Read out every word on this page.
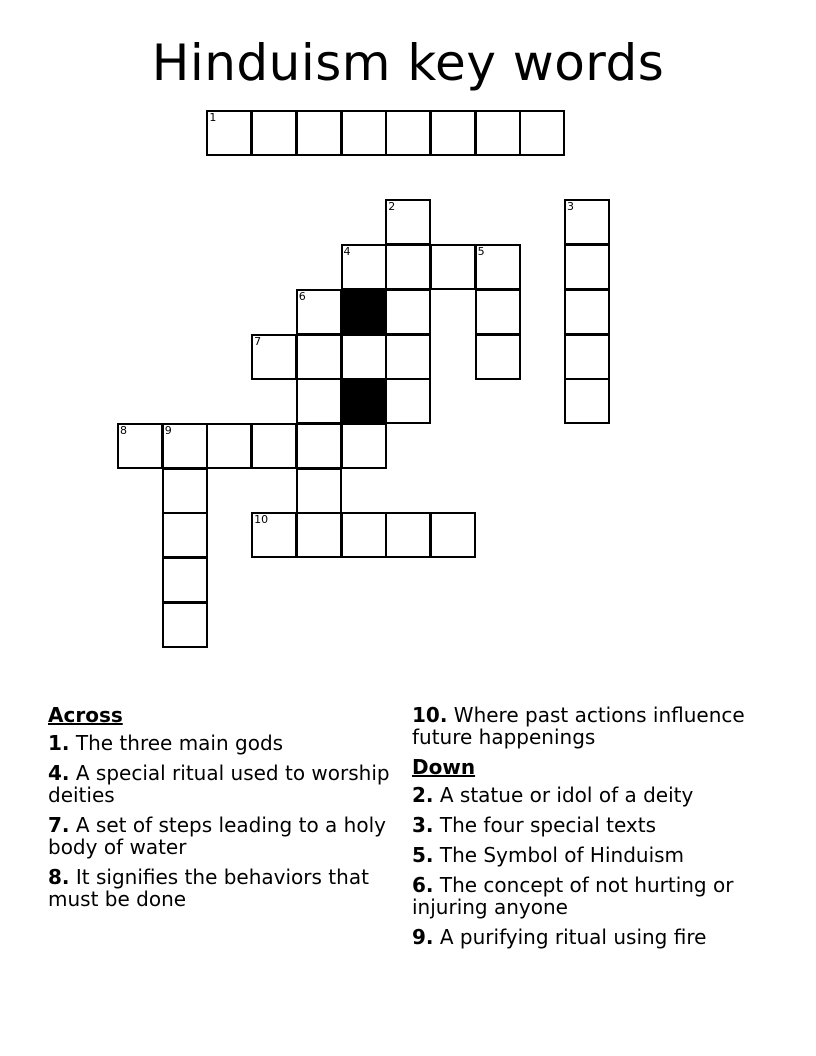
Hinduism key words
1
2	3
4	5
6
7
8	9
10
Across
1. The three main gods
4. A special ritual used to worship deities
7. A set of steps leading to a holy body of water
8. It signifies the behaviors that must be done
10. Where past actions influence future happenings
Down
2. A statue or idol of a deity
3. The four special texts
5. The Symbol of Hinduism
6. The concept of not hurting or injuring anyone
9. A purifying ritual using fire
